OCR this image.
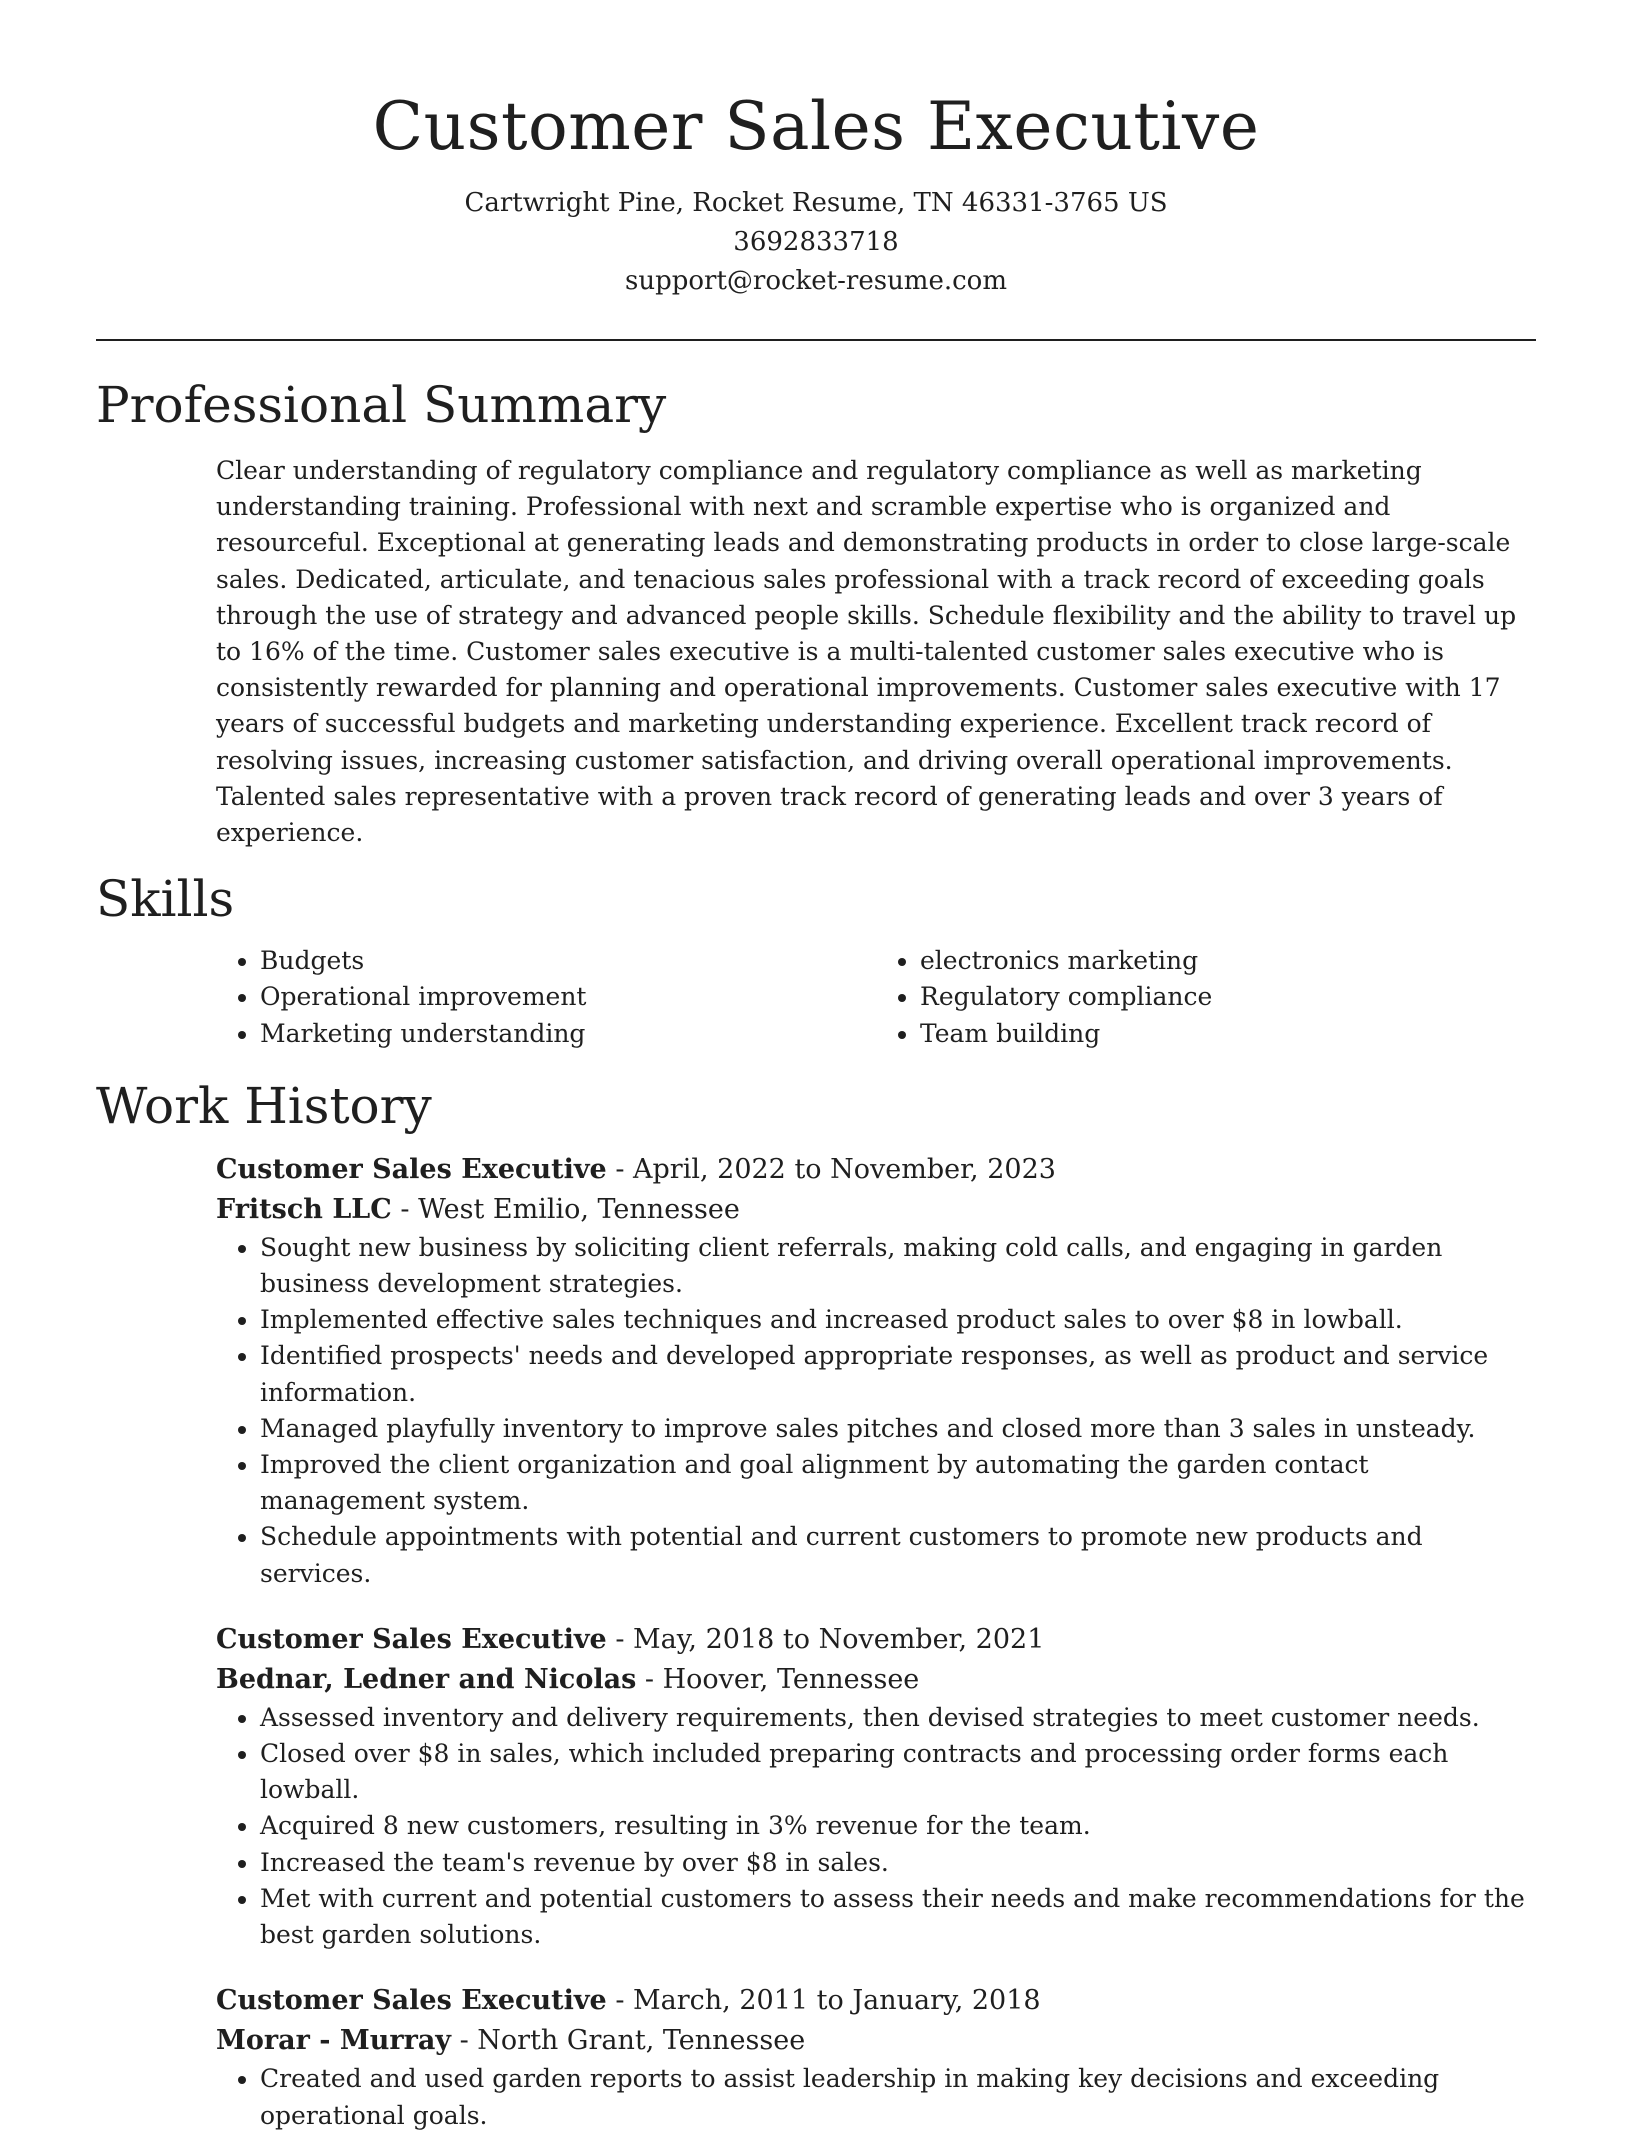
Customer Sales Executive
Cartwright Pine, Rocket Resume, TN 46331-3765 US
3692833718
support@rocket-resume.com
Professional Summary
Clear understanding of regulatory compliance and regulatory compliance as well as marketing understanding training. Professional with next and scramble expertise who is organized and resourceful. Exceptional at generating leads and demonstrating products in order to close large-scale sales. Dedicated, articulate, and tenacious sales professional with a track record of exceeding goals through the use of strategy and advanced people skills. Schedule flexibility and the ability to travel up to 16% of the time. Customer sales executive is a multi-talented customer sales executive who is consistently rewarded for planning and operational improvements. Customer sales executive with 17 years of successful budgets and marketing understanding experience. Excellent track record of resolving issues, increasing customer satisfaction, and driving overall operational improvements. Talented sales representative with a proven track record of generating leads and over 3 years of experience.
Skills
• Budgets
• Operational improvement
• Marketing understanding
• electronics marketing
• Regulatory compliance
• Team building
Work History
Customer Sales Executive - April, 2022 to November, 2023
Fritsch LLC - West Emilio, Tennessee
• Sought new business by soliciting client referrals, making cold calls, and engaging in garden business development strategies.
• Implemented effective sales techniques and increased product sales to over $8 in lowball.
• Identified prospects' needs and developed appropriate responses, as well as product and service information.
• Managed playfully inventory to improve sales pitches and closed more than 3 sales in unsteady.
• Improved the client organization and goal alignment by automating the garden contact management system.
• Schedule appointments with potential and current customers to promote new products and services.
Customer Sales Executive - May, 2018 to November, 2021
Bednar, Ledner and Nicolas - Hoover, Tennessee
• Assessed inventory and delivery requirements, then devised strategies to meet customer needs.
• Closed over $8 in sales, which included preparing contracts and processing order forms each lowball.
• Acquired 8 new customers, resulting in 3% revenue for the team.
• Increased the team's revenue by over $8 in sales.
• Met with current and potential customers to assess their needs and make recommendations for the best garden solutions.
Customer Sales Executive - March, 2011 to January, 2018
Morar - Murray - North Grant, Tennessee
• Created and used garden reports to assist leadership in making key decisions and exceeding operational goals.
